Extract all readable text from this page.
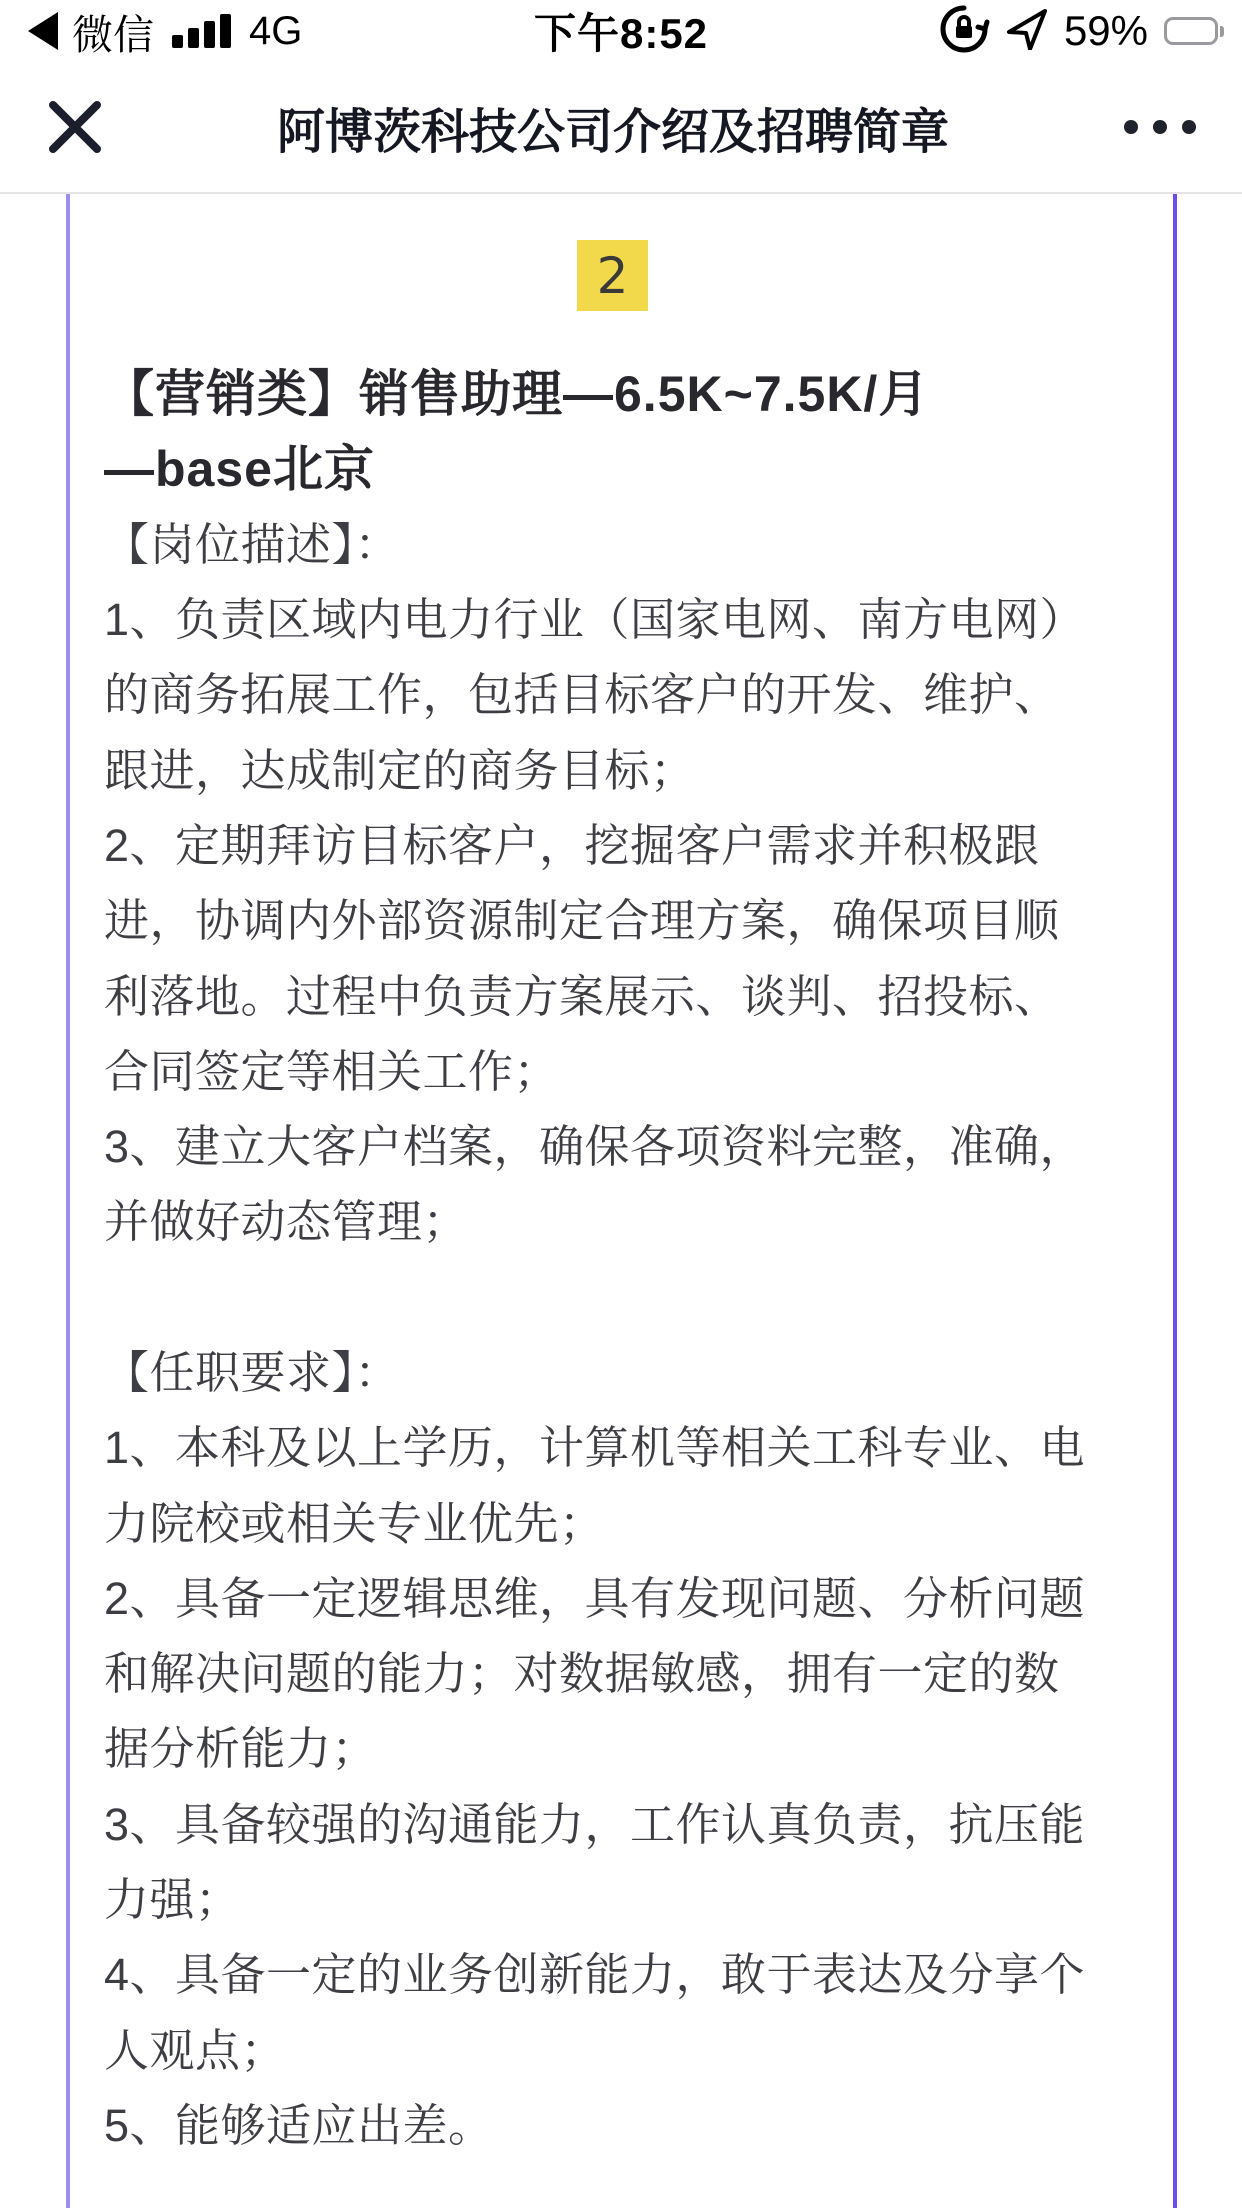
微信 4G	下午8:52	59%
阿博茨科技公司介绍及招聘简章
2
【营销类】销售助理—6.5K~7.5K/月
—base北京
【岗位描述】：
1、负责区域内电力行业（国家电网、南方电网）
的商务拓展工作，包括目标客户的开发、维护、
跟进，达成制定的商务目标；
2、定期拜访目标客户，挖掘客户需求并积极跟
进，协调内外部资源制定合理方案，确保项目顺
利落地。过程中负责方案展示、谈判、招投标、
合同签定等相关工作；
3、建立大客户档案，确保各项资料完整，准确，
并做好动态管理；
【任职要求】：
1、本科及以上学历，计算机等相关工科专业、电
力院校或相关专业优先；
2、具备一定逻辑思维，具有发现问题、分析问题
和解决问题的能力；对数据敏感，拥有一定的数
据分析能力；
3、具备较强的沟通能力，工作认真负责，抗压能
力强；
4、具备一定的业务创新能力，敢于表达及分享个
人观点；
5、能够适应出差。
